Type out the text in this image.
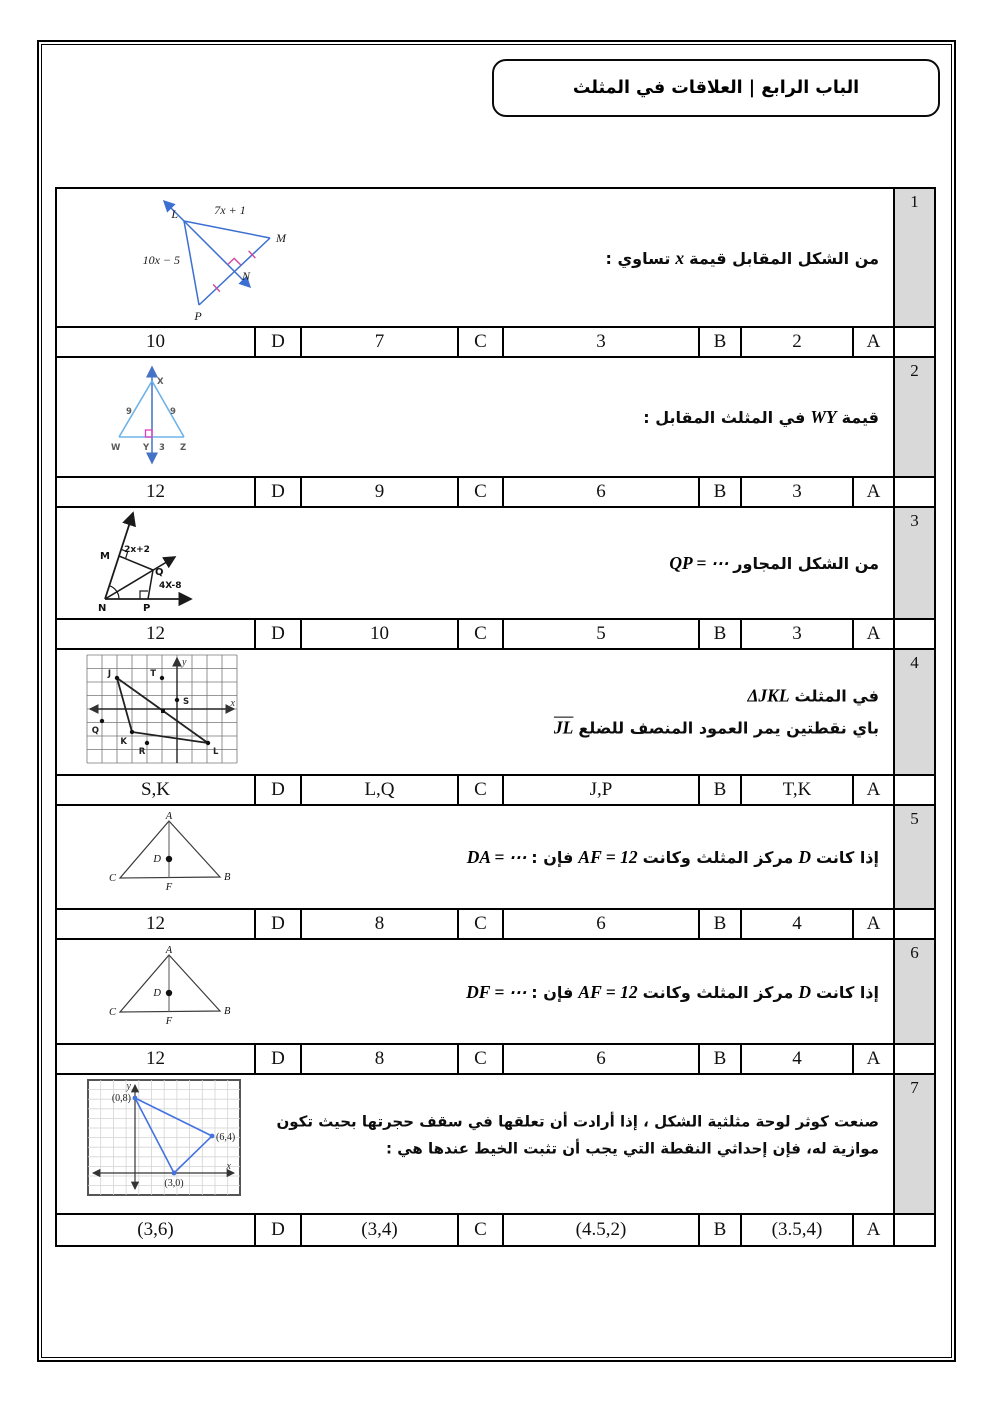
الباب الرابع | العلاقات في المثلث
L	7x + 1
M
10x − 5
N
P
من الشكل المقابل قيمةxتساوي :
1
10	D	7	C	3	B	2	A
X
9	9
W	Y 3 Z
قيمةWYفي المثلث المقابل :
2
12	D	9	C	6	B	3	A
M
N	P
Q
2x+2
4X-8
من الشكل المجاورQP = ⋯
3
12	D	10	C	5	B	3	A
J	T
S
Q
K
R	L
y
x	في المثلثΔJKL
باي نقطتين يمر العمود المنصف $للضلع\overline{JL}$
4
S,K	D	L,Q	C	J,P	B	T,K	A
A
D
C	B
F
إذا كانتDمركز المثلث وكانتAF = 12فإن :DA = ⋯
5
12	D	8	C	6	B	4	A
A
D
C	B
F
إذا كانتDمركز المثلث وكانتAF = 12فإن :DF = ⋯
6
12	D	8	C	6	B	4	A
(0,8)
(6,4)
(3,0)
y
x
صنعت كوثر لوحة مثلثية الشكل ، إذا أرادت أن تعلقها في سقف حجرتها بحيث تكون
موازية له، فإن إحداثي النقطة التي يجب أن تثبت الخيط عندها هي :
7
(3,6)	D	(3,4)	C	(4.5,2)	B	(3.5,4)	A
